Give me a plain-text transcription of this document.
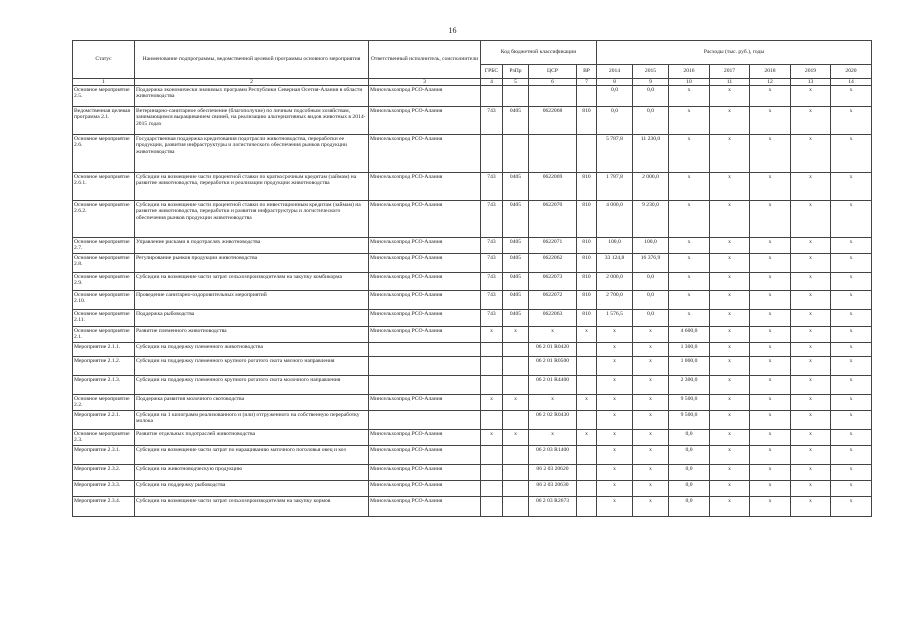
16
Статус	Наименование подпрограммы, ведомственной целевой программы основного мероприятия	Ответственный исполнитель, соисполнители	Код бюджетной классификации				Расходы (тыс. руб.), годы						
			ГРБС	РзПр	ЦСР	ВР	2014	2015	2016	2017	2018	2019	2020
1	2	3	4	5	6	7	8	9	10	11	12	13	14
Основное мероприятие 2.5.	Поддержка экономически значимых программ Республики Северная Осетия-Алания в области животноводства	Минсельхозпрод РСО-Алания					0,0	0,0	x	x	x	x	x
Ведомственная целевая программа 2.1.	Ветеринарно-санитарное обеспечение (благополучие) по личным подсобным хозяйствам, занимающимся выращиванием свиней, на реализацию альтернативных видов животных в 2014-2015 годах	Минсельхозпрод РСО-Алания	743	0405	0622068	810	0,0	0,0	x	x	x	x	x
Основное мероприятие 2.6.	Государственная поддержка кредитования подотрасли животноводства, переработки ее продукции, развития инфраструктуры и логистического обеспечения рынков продукции животноводства	Минсельхозпрод РСО-Алания					5 787,8	11 230,0	x	x	x	x	x
Основное мероприятие 2.6.1.	Субсидии на возмещение части процентной ставки по краткосрочным кредитам (займам) на развитие животноводства, переработки и реализации продукции животноводства	Минсельхозпрод РСО-Алания	743	0405	0622069	810	1 787,8	2 000,0	x	x	x	x	x
Основное мероприятие 2.6.2.	Субсидии на возмещение части процентной ставки по инвестиционным кредитам (займам) на развитие животноводства, переработки и развития инфраструктуры и логистического обеспечения рынков продукции животноводства	Минсельхозпрод РСО-Алания	743	0405	0622070	810	4 000,0	9 230,0	x	x	x	x	x
Основное мероприятие 2.7.	Управление рисками в подотраслях животноводства	Минсельхозпрод РСО-Алания	743	0405	0622071	810	100,0	100,0	x	x	x	x	x
Основное мероприятие 2.8.	Регулирование рынков продукции животноводства	Минсельхозпрод РСО-Алания	743	0405	0622062	810	33 124,8	16 376,9	x	x	x	x	x
Основное мероприятие 2.9.	Субсидии на возмещение части затрат сельхозпроизводителям на закупку комбикорма	Минсельхозпрод РСО-Алания	743	0405	0622073	810	2 000,0	0,0	x	x	x	x	x
Основное мероприятие 2.10.	Проведение санитарно-оздоровительных мероприятий	Минсельхозпрод РСО-Алания	743	0405	0622072	810	2 700,0	0,0	x	x	x	x	x
Основное мероприятие 2.11.	Поддержка рыбоводства	Минсельхозпрод РСО-Алания	743	0405	0622063	810	1 576,5	0,0	x	x	x	x	x
Основное мероприятие 2.1.	Развитие племенного животноводства	Минсельхозпрод РСО-Алания	x	x	x	x	x	x	4 600,0	x	x	x	x
Мероприятие 2.1.1.	Субсидии на поддержку племенного животноводства				06 2 01 R0420		x	x	1 300,0	x	x	x	x
Мероприятие 2.1.2.	Субсидии на поддержку племенного крупного рогатого скота мясного направления				06 2 01 R0500		x	x	1 000,0	x	x	x	x
Мероприятие 2.1.3.	Субсидии на поддержку племенного крупного рогатого скота молочного направления				06 2 01 R4400		x	x	2 300,0	x	x	x	x
Основное мероприятие 2.2.	Поддержка развития молочного скотоводства	Минсельхозпрод РСО-Алания	x	x	x	x	x	x	9 500,0	x	x	x	x
Мероприятие 2.2.1.	Субсидии на 1 килограмм реализованного и (или) отгруженного на собственную переработку молока				06 2 02 R0430		x	x	9 500,0	x	x	x	x
Основное мероприятие 2.3.	Развитие отдельных подотраслей животноводства	Минсельхозпрод РСО-Алания	x	x	x	x	x	x	0,0	x	x	x	x
Мероприятие 2.3.1.	Субсидии на возмещение части затрат по наращиванию маточного поголовья овец и коз	Минсельхозпрод РСО-Алания			06 2 03 R1400		x	x	0,0	x	x	x	x
Мероприятие 2.3.2.	Субсидии на животноводческую продукцию	Минсельхозпрод РСО-Алания			06 2 03 20620		x	x	0,0	x	x	x	x
Мероприятие 2.3.3.	Субсидии на поддержку рыбоводства	Минсельхозпрод РСО-Алания			06 2 03 20630		x	x	0,0	x	x	x	x
Мероприятие 2.3.4.	Субсидии на возмещение части затрат сельхозпроизводителям на закупку кормов	Минсельхозпрод РСО-Алания			06 2 03 R2673		x	x	0,0	x	x	x	x
